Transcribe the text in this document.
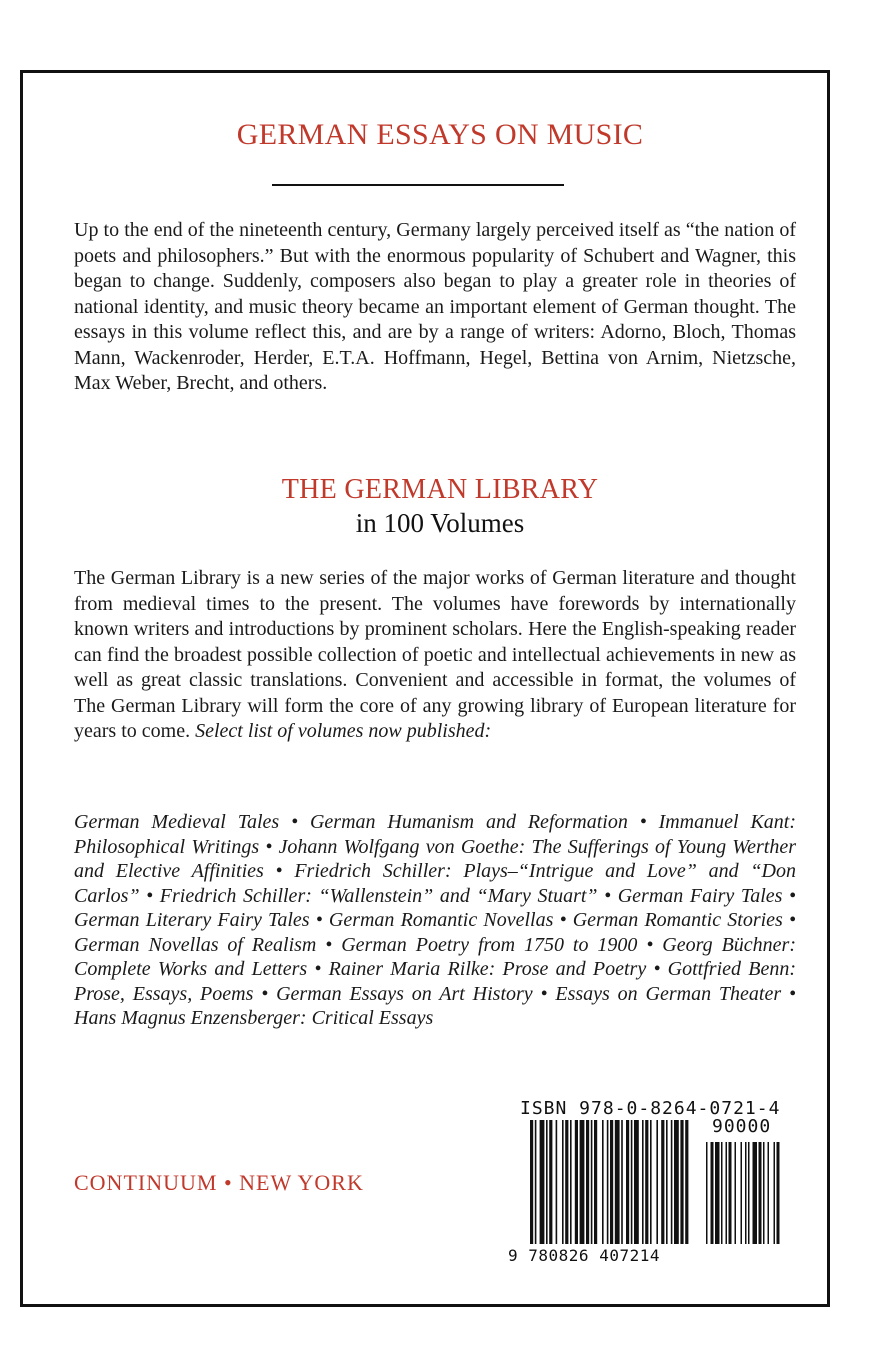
GERMAN ESSAYS ON MUSIC

Up to the end of the nineteenth century, Germany largely perceived itself as “the nation of poets and philosophers.” But with the enormous popularity of Schubert and Wagner, this began to change. Suddenly, composers also began to play a greater role in theories of national identity, and music theory became an important element of German thought. The essays in this volume reflect this, and are by a range of writers: Adorno, Bloch, Thomas Mann, Wackenroder, Herder, E.T.A. Hoffmann, Hegel, Bettina von Arnim, Nietzsche, Max Weber, Brecht, and others.

THE GERMAN LIBRARY
in 100 Volumes

The German Library is a new series of the major works of German literature and thought from medieval times to the present. The volumes have forewords by internationally known writers and introductions by prominent scholars. Here the English-speaking reader can find the broadest possible collection of poetic and intellectual achievements in new as well as great classic translations. Convenient and accessible in format, the volumes of The German Library will form the core of any growing library of European literature for years to come. Select list of volumes now published:

German Medieval Tales • German Humanism and Reformation • Immanuel Kant: Philosophical Writings • Johann Wolfgang von Goethe: The Sufferings of Young Werther and Elective Affinities • Friedrich Schiller: Plays–“Intrigue and Love” and “Don Carlos” • Friedrich Schiller: “Wallenstein” and “Mary Stuart” • German Fairy Tales • German Literary Fairy Tales • German Romantic Novellas • German Romantic Stories • German Novellas of Realism • German Poetry from 1750 to 1900 • Georg Büchner: Complete Works and Letters • Rainer Maria Rilke: Prose and Poetry • Gottfried Benn: Prose, Essays, Poems • German Essays on Art History • Essays on German Theater • Hans Magnus Enzensberger: Critical Essays

CONTINUUM • NEW YORK
ISBN 978-0-8264-0721-4
90000
9 780826 407214
